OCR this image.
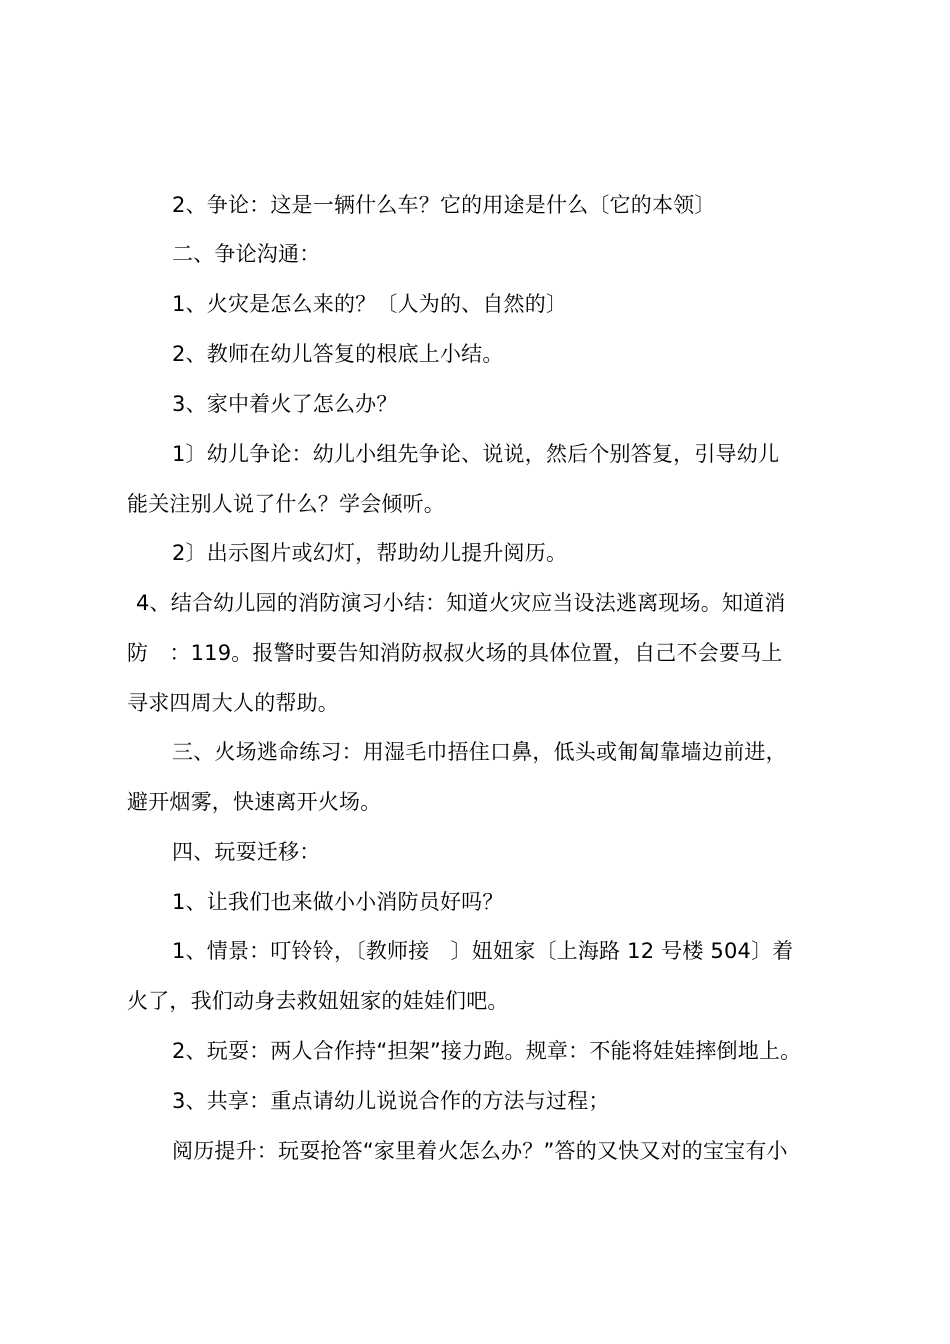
2、争论：这是一辆什么车？它的用途是什么〔它的本领〕
二、争论沟通：
1、火灾是怎么来的？〔人为的、自然的〕
2、教师在幼儿答复的根底上小结。
3、家中着火了怎么办？
1〕幼儿争论：幼儿小组先争论、说说，然后个别答复，引导幼儿
能关注别人说了什么？学会倾听。
2〕出示图片或幻灯，帮助幼儿提升阅历。
4、结合幼儿园的消防演习小结：知道火灾应当设法逃离现场。知道消
防　：119。报警时要告知消防叔叔火场的具体位置，自己不会要马上
寻求四周大人的帮助。
三、火场逃命练习：用湿毛巾捂住口鼻，低头或匍匐靠墙边前进，
避开烟雾，快速离开火场。
四、玩耍迁移：
1、让我们也来做小小消防员好吗？
1、情景：叮铃铃，〔教师接　〕妞妞家〔上海路 12 号楼 504〕着
火了，我们动身去救妞妞家的娃娃们吧。
2、玩耍：两人合作持“担架”接力跑。规章：不能将娃娃摔倒地上。
3、共享：重点请幼儿说说合作的方法与过程；
阅历提升：玩耍抢答“家里着火怎么办？”答的又快又对的宝宝有小
